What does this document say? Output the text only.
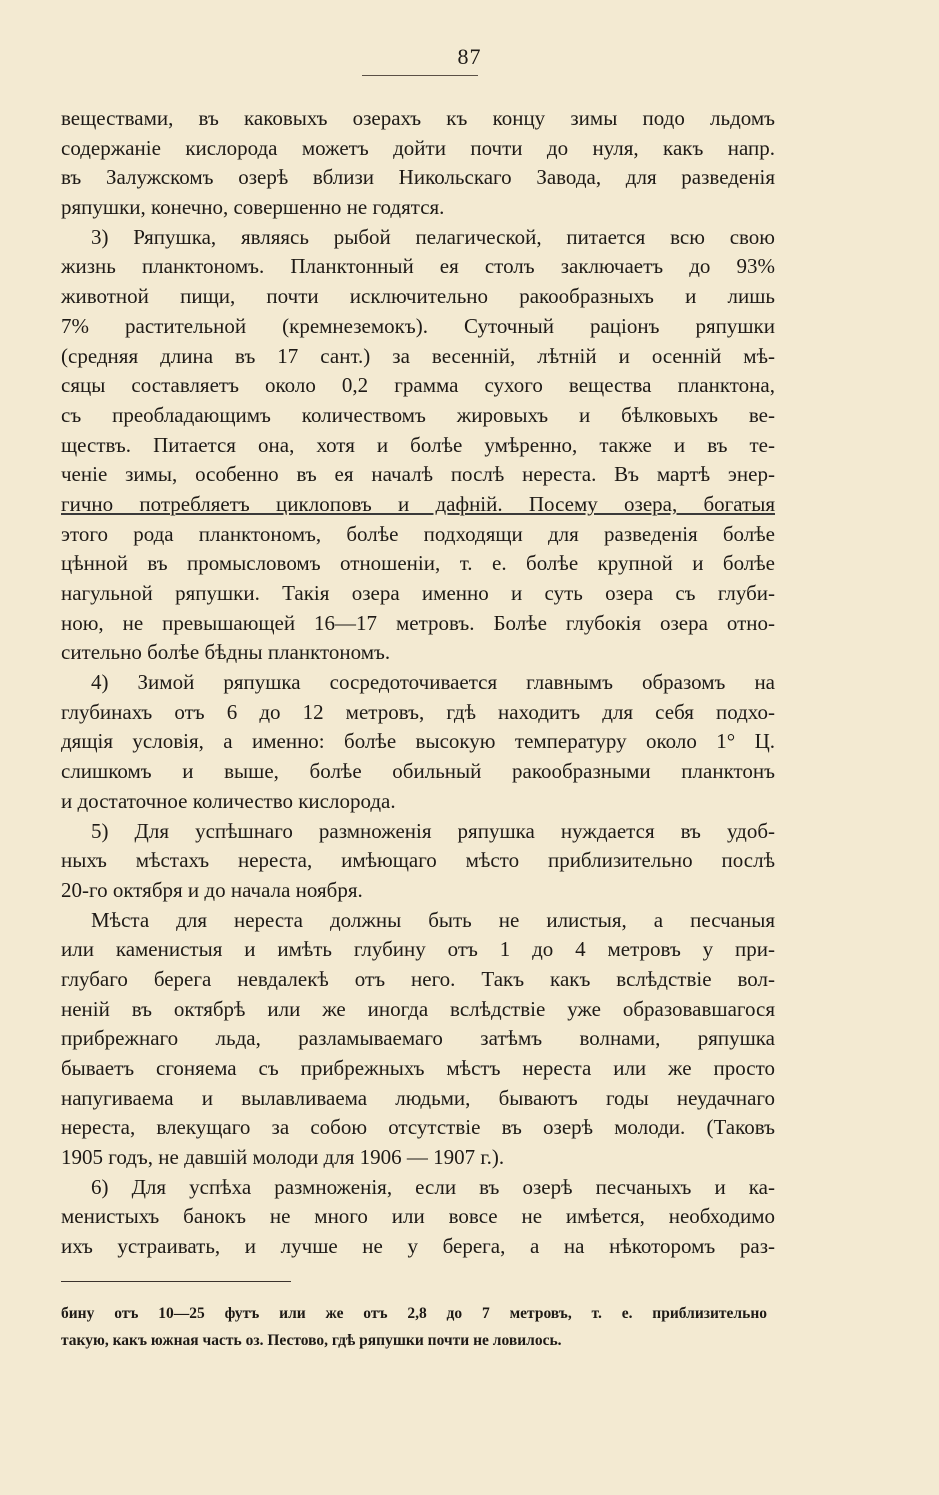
87
веществами, въ каковыхъ озерахъ къ концу зимы подо льдомъ
содержанiе кислорода можетъ дойти почти до нуля, какъ напр.
въ Залужскомъ озерѣ вблизи Никольскаго Завода, для разведенiя
ряпушки, конечно, совершенно не годятся.
3) Ряпушка, являясь рыбой пелагической, питается всю свою
жизнь планктономъ. Планктонный ея столъ заключаетъ до 93%
животной пищи, почти исключительно ракообразныхъ и лишь
7% растительной (кремнеземокъ). Суточный рацiонъ ряпушки
(средняя длина въ 17 сант.) за весеннiй, лѣтнiй и осеннiй мѣ-
сяцы составляетъ около 0,2 грамма сухого вещества планктона,
съ преобладающимъ количествомъ жировыхъ и бѣлковыхъ ве-
ществъ. Питается она, хотя и болѣе умѣренно, также и въ те-
ченiе зимы, особенно въ ея началѣ послѣ нереста. Въ мартѣ энер-
гично потребляетъ циклоповъ и дафнiй. Посему озера, богатыя
этого рода планктономъ, болѣе подходящи для разведенiя болѣе
цѣнной въ промысловомъ отношенiи, т. е. болѣе крупной и болѣе
нагульной ряпушки. Такiя озера именно и суть озера съ глуби-
ною, не превышающей 16—17 метровъ. Болѣе глубокiя озера отно-
сительно болѣе бѣдны планктономъ.
4) Зимой ряпушка сосредоточивается главнымъ образомъ на
глубинахъ отъ 6 до 12 метровъ, гдѣ находитъ для себя подхо-
дящiя условiя, а именно: болѣе высокую температуру около 1° Ц.
слишкомъ и выше, болѣе обильный ракообразными планктонъ
и достаточное количество кислорода.
5) Для успѣшнаго размноженiя ряпушка нуждается въ удоб-
ныхъ мѣстахъ нереста, имѣющаго мѣсто приблизительно послѣ
20-го октября и до начала ноября.
Мѣста для нереста должны быть не илистыя, а песчаныя
или каменистыя и имѣть глубину отъ 1 до 4 метровъ у при-
глубаго берега невдалекѣ отъ него. Такъ какъ вслѣдствiе вол-
ненiй въ октябрѣ или же иногда вслѣдствiе уже образовавшагося
прибрежнаго льда, разламываемаго затѣмъ волнами, ряпушка
бываетъ сгоняема съ прибрежныхъ мѣстъ нереста или же просто
напугиваема и вылавливаема людьми, бываютъ годы неудачнаго
нереста, влекущаго за собою отсутствiе въ озерѣ молоди. (Таковъ
1905 годъ, не давшiй молоди для 1906 — 1907 г.).
6) Для успѣха размноженiя, если въ озерѣ песчаныхъ и ка-
менистыхъ банокъ не много или вовсе не имѣется, необходимо
ихъ устраивать, и лучше не у берега, а на нѣкоторомъ раз-
бину отъ 10—25 футъ или же отъ 2,8 до 7 метровъ, т. е. приблизительно
такую, какъ южная часть оз. Пестово, гдѣ ряпушки почти не ловилось.
